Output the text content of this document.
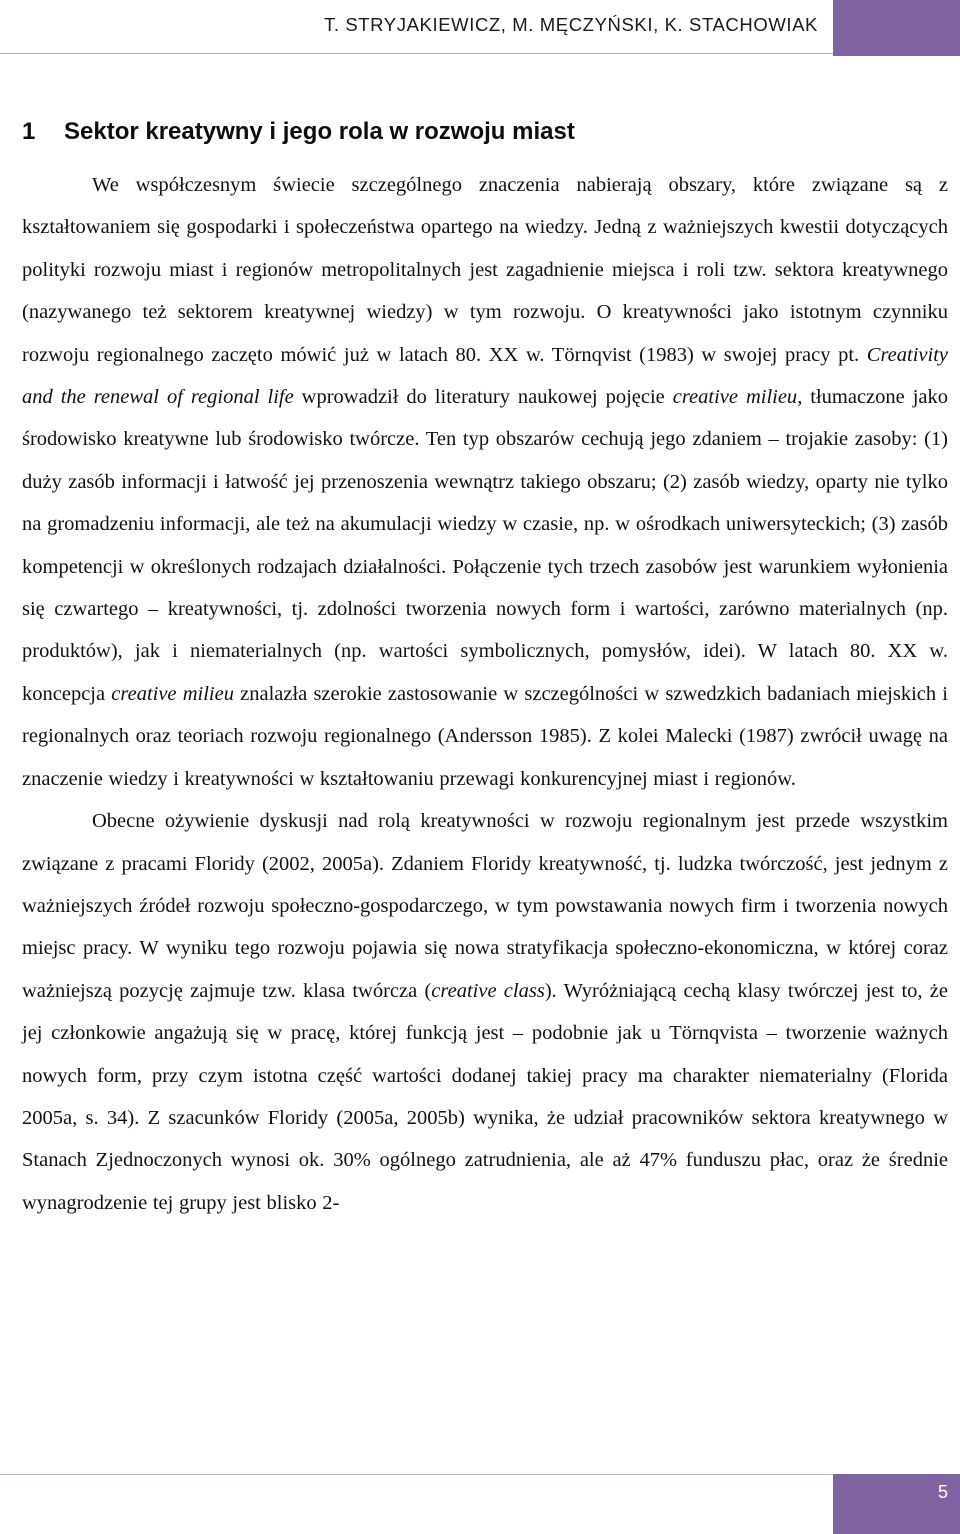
T. STRYJAKIEWICZ, M. MĘCZYŃSKI, K. STACHOWIAK
1 Sektor kreatywny i jego rola w rozwoju miast

We współczesnym świecie szczególnego znaczenia nabierają obszary, które związane są z kształtowaniem się gospodarki i społeczeństwa opartego na wiedzy. Jedną z ważniejszych kwestii dotyczących polityki rozwoju miast i regionów metropolitalnych jest zagadnienie miejsca i roli tzw. sektora kreatywnego (nazywanego też sektorem kreatywnej wiedzy) w tym rozwoju. O kreatywności jako istotnym czynniku rozwoju regionalnego zaczęto mówić już w latach 80. XX w. Törnqvist (1983) w swojej pracy pt. Creativity and the renewal of regional life wprowadził do literatury naukowej pojęcie creative milieu, tłumaczone jako środowisko kreatywne lub środowisko twórcze. Ten typ obszarów cechują jego zdaniem – trojakie zasoby: (1) duży zasób informacji i łatwość jej przenoszenia wewnątrz takiego obszaru; (2) zasób wiedzy, oparty nie tylko na gromadzeniu informacji, ale też na akumulacji wiedzy w czasie, np. w ośrodkach uniwersyteckich; (3) zasób kompetencji w określonych rodzajach działalności. Połączenie tych trzech zasobów jest warunkiem wyłonienia się czwartego – kreatywności, tj. zdolności tworzenia nowych form i wartości, zarówno materialnych (np. produktów), jak i niematerialnych (np. wartości symbolicznych, pomysłów, idei). W latach 80. XX w. koncepcja creative milieu znalazła szerokie zastosowanie w szczególności w szwedzkich badaniach miejskich i regionalnych oraz teoriach rozwoju regionalnego (Andersson 1985). Z kolei Malecki (1987) zwrócił uwagę na znaczenie wiedzy i kreatywności w kształtowaniu przewagi konkurencyjnej miast i regionów.

Obecne ożywienie dyskusji nad rolą kreatywności w rozwoju regionalnym jest przede wszystkim związane z pracami Floridy (2002, 2005a). Zdaniem Floridy kreatywność, tj. ludzka twórczość, jest jednym z ważniejszych źródeł rozwoju społeczno-gospodarczego, w tym powstawania nowych firm i tworzenia nowych miejsc pracy. W wyniku tego rozwoju pojawia się nowa stratyfikacja społeczno-ekonomiczna, w której coraz ważniejszą pozycję zajmuje tzw. klasa twórcza (creative class). Wyróżniającą cechą klasy twórczej jest to, że jej członkowie angażują się w pracę, której funkcją jest – podobnie jak u Törnqvista – tworzenie ważnych nowych form, przy czym istotna część wartości dodanej takiej pracy ma charakter niematerialny (Florida 2005a, s. 34). Z szacunków Floridy (2005a, 2005b) wynika, że udział pracowników sektora kreatywnego w Stanach Zjednoczonych wynosi ok. 30% ogólnego zatrudnienia, ale aż 47% funduszu płac, oraz że średnie wynagrodzenie tej grupy jest blisko 2-

5
